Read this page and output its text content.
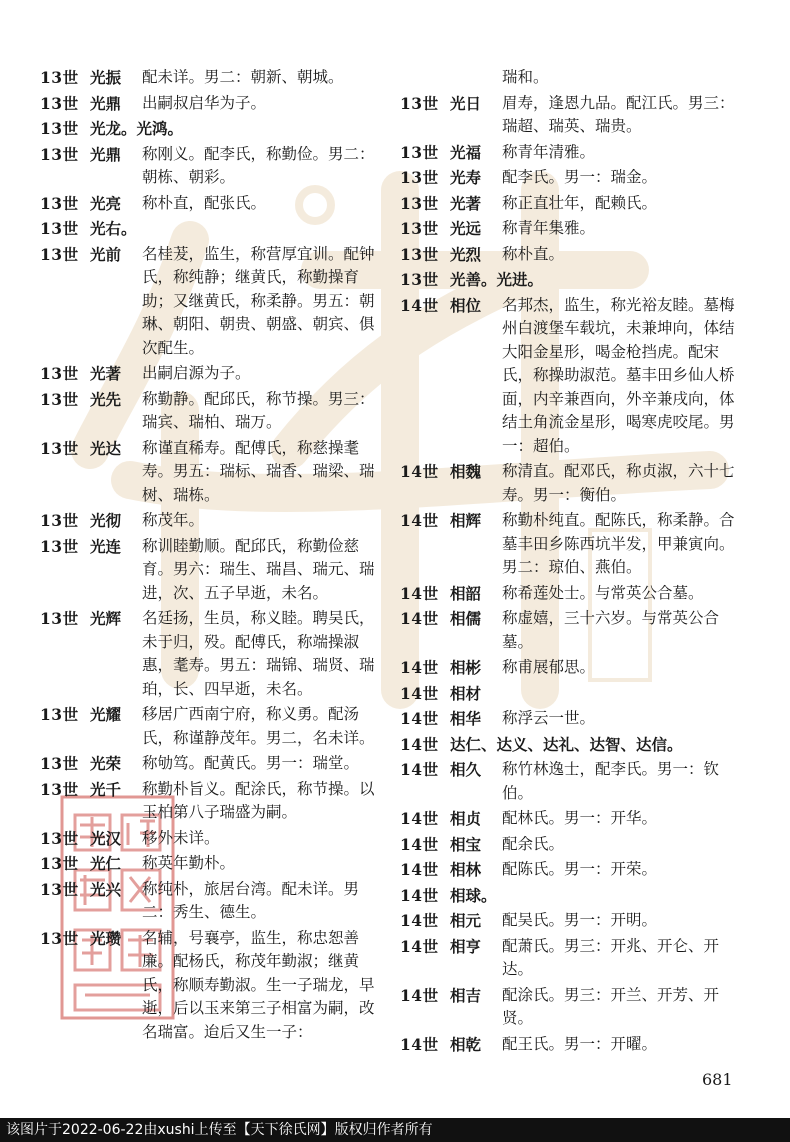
13世 光振	配未详。男二：朝新、朝城。
13世 光鼎	出嗣叔启华为子。
13世 光龙。光鸿。
13世 光鼎	称刚义。配李氏，称勤俭。男二：朝栋、朝彩。
13世 光亮	称朴直，配张氏。
13世 光右。
13世 光前	名桂茇，监生，称营厚宜训。配钟氏，称纯静；继黄氏，称勤操育助；又继黄氏，称柔静。男五：朝琳、朝阳、朝贵、朝盛、朝宾、俱次配生。
13世 光著	出嗣启源为子。
13世 光先	称勤静。配邱氏，称节操。男三：瑞宾、瑞柏、瑞万。
13世 光达	称谨直稀寿。配傅氏，称慈操耄寿。男五：瑞标、瑞香、瑞梁、瑞树、瑞栋。
13世 光彻	称茂年。
13世 光连	称训睦勤顺。配邱氏，称勤俭慈育。男六：瑞生、瑞昌、瑞元、瑞进，次、五子早逝，未名。
13世 光辉	名廷扬，生员，称义睦。聘吴氏，未于归，殁。配傅氏，称端操淑惠，耄寿。男五：瑞锦、瑞贤、瑞珀，长、四早逝，未名。
13世 光耀	移居广西南宁府，称义勇。配汤氏，称谨静茂年。男二，名未详。
13世 光荣	称劬笃。配黄氏。男一：瑞堂。
13世 光千	称勤朴旨义。配涂氏，称节操。以玉柏第八子瑞盛为嗣。
13世 光汉	移外未详。
13世 光仁	称英年勤朴。
13世 光兴	称纯朴，旅居台湾。配未详。男二：秀生、德生。
13世 光瓒	名辅，号襄亭，监生，称忠恕善廉。配杨氏，称茂年勤淑；继黄氏，称顺寿勤淑。生一子瑞龙，早逝，后以玉来第三子相富为嗣，改名瑞富。迨后又生一子：
瑞和。
13世 光日	眉寿，逢恩九品。配江氏。男三：瑞超、瑞英、瑞贵。
13世 光福	称青年清雅。
13世 光寿	配李氏。男一：瑞金。
13世 光著	称正直壮年，配赖氏。
13世 光远	称青年集雅。
13世 光烈	称朴直。
13世 光善。光进。
14世 相位	名邦杰，监生，称光裕友睦。墓梅州白渡堡车载坑，未兼坤向，体结大阳金星形，喝金枪挡虎。配宋氏，称操助淑范。墓丰田乡仙人桥面，内辛兼酉向，外辛兼戌向，体结土角流金星形，喝寒虎咬尾。男一：超伯。
14世 相魏	称清直。配邓氏，称贞淑，六十七寿。男一：衡伯。
14世 相辉	称勤朴纯直。配陈氏，称柔静。合墓丰田乡陈西坑半发，甲兼寅向。男二：琼伯、燕伯。
14世 相韶	称希莲处士。与常英公合墓。
14世 相儒	称虚嬉，三十六岁。与常英公合墓。
14世 相彬	称甫展郁思。
14世 相材
14世 相华	称浮云一世。
14世 达仁、达义、达礼、达智、达信。
14世 相久	称竹林逸士，配李氏。男一：钦伯。
14世 相贞	配林氏。男一：开华。
14世 相宝	配余氏。
14世 相林	配陈氏。男一：开荣。
14世 相球。
14世 相元	配吴氏。男一：开明。
14世 相亨	配萧氏。男三：开兆、开仑、开达。
14世 相吉	配涂氏。男三：开兰、开芳、开贤。
14世 相乾	配王氏。男一：开曜。
681
该图片于2022-06-22由xushi上传至【天下徐氏网】版权归作者所有
